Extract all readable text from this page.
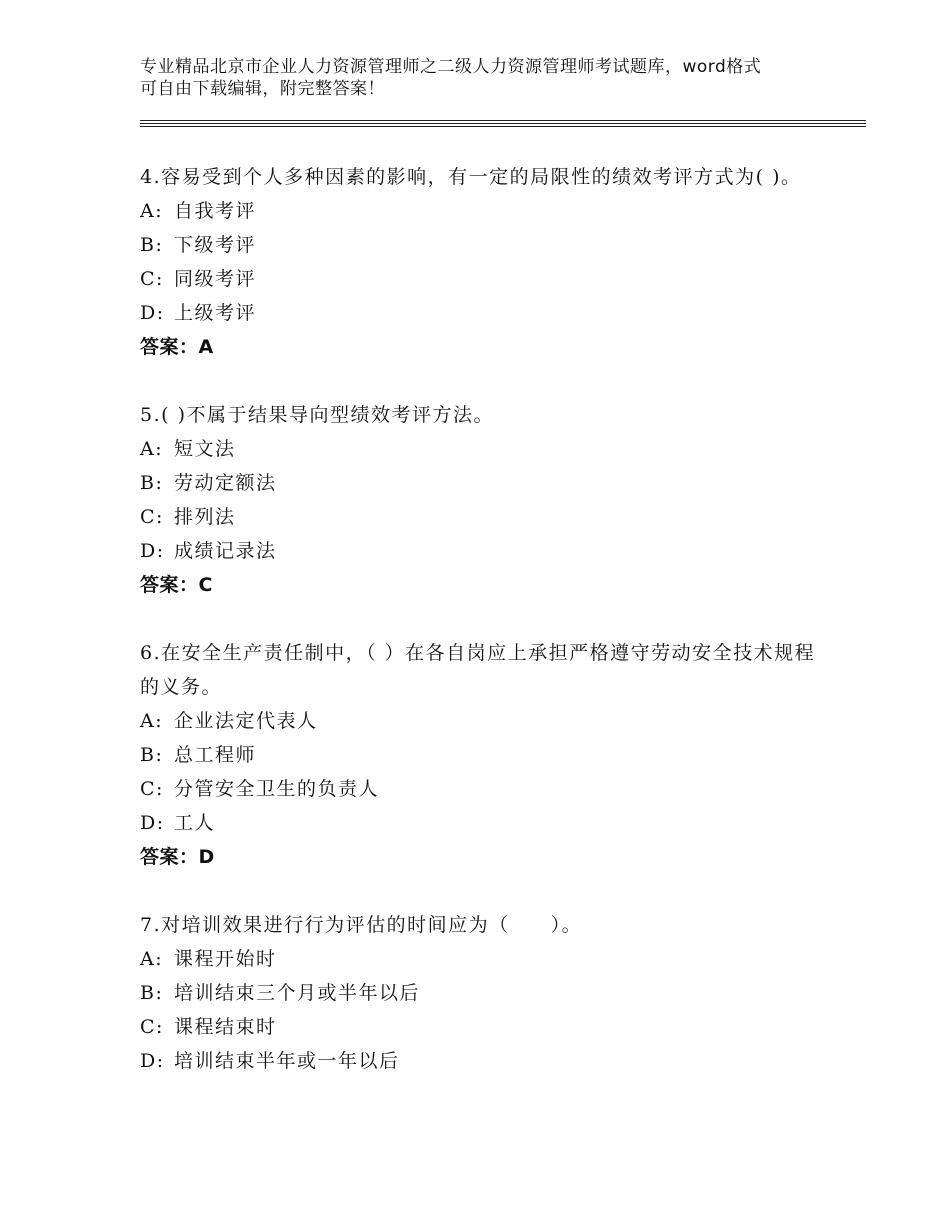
专业精品北京市企业人力资源管理师之二级人力资源管理师考试题库，word格式
可自由下载编辑，附完整答案！

4.容易受到个人多种因素的影响，有一定的局限性的绩效考评方式为( )。

A: 自我考评
B: 下级考评
C: 同级考评
D: 上级考评
答案：A

5.( )不属于结果导向型绩效考评方法。

A: 短文法
B: 劳动定额法
C: 排列法
D: 成绩记录法
答案：C

6.在安全生产责任制中，（ ）在各自岗应上承担严格遵守劳动安全技术规程的义务。

A: 企业法定代表人
B: 总工程师
C: 分管安全卫生的负责人
D: 工人
答案：D

7.对培训效果进行行为评估的时间应为（　　）。

A: 课程开始时
B: 培训结束三个月或半年以后
C: 课程结束时
D: 培训结束半年或一年以后
